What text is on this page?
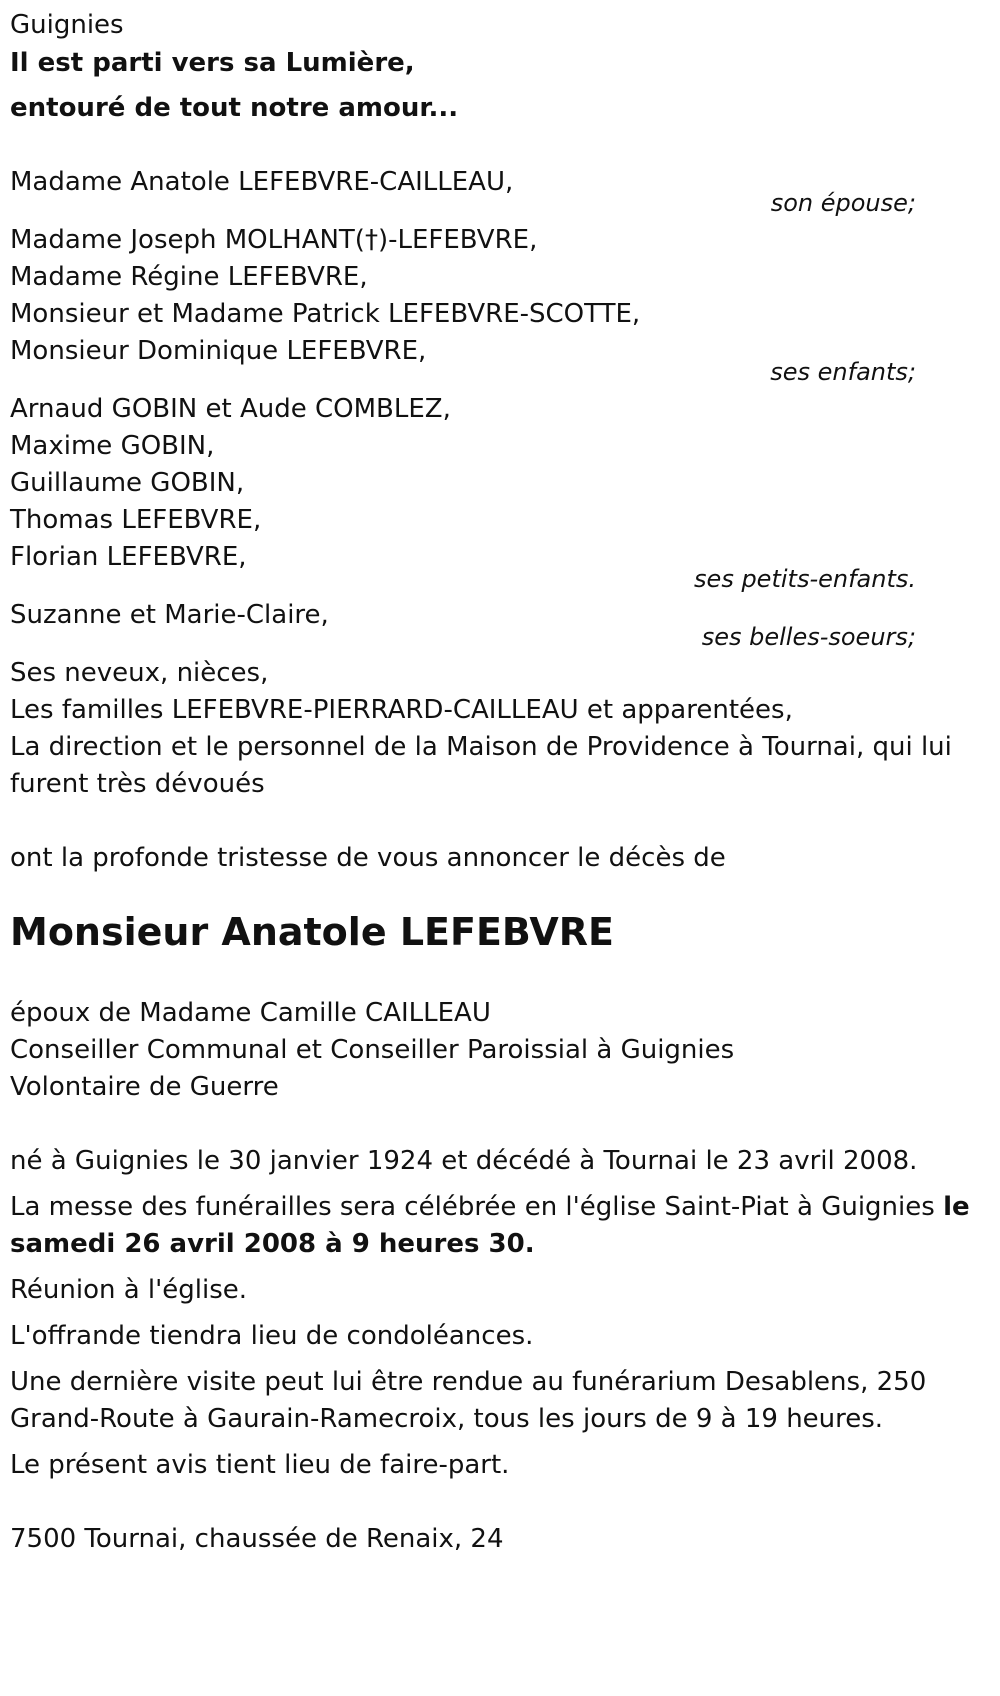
Guignies
Il est parti vers sa Lumière,
entouré de tout notre amour...
Madame Anatole LEFEBVRE-CAILLEAU,
son épouse;
Madame Joseph MOLHANT(†)-LEFEBVRE,
Madame Régine LEFEBVRE,
Monsieur et Madame Patrick LEFEBVRE-SCOTTE,
Monsieur Dominique LEFEBVRE,
ses enfants;
Arnaud GOBIN et Aude COMBLEZ,
Maxime GOBIN,
Guillaume GOBIN,
Thomas LEFEBVRE,
Florian LEFEBVRE,
ses petits-enfants.
Suzanne et Marie-Claire,
ses belles-soeurs;
Ses neveux, nièces,
Les familles LEFEBVRE-PIERRARD-CAILLEAU et apparentées,
La direction et le personnel de la Maison de Providence à Tournai, qui lui
furent très dévoués
ont la profonde tristesse de vous annoncer le décès de
Monsieur Anatole LEFEBVRE
époux de Madame Camille CAILLEAU
Conseiller Communal et Conseiller Paroissial à Guignies
Volontaire de Guerre
né à Guignies le 30 janvier 1924 et décédé à Tournai le 23 avril 2008.
La messe des funérailles sera célébrée en l'église Saint-Piat à Guignies le
samedi 26 avril 2008 à 9 heures 30.
Réunion à l'église.
L'offrande tiendra lieu de condoléances.
Une dernière visite peut lui être rendue au funérarium Desablens, 250
Grand-Route à Gaurain-Ramecroix, tous les jours de 9 à 19 heures.
Le présent avis tient lieu de faire-part.
7500 Tournai, chaussée de Renaix, 24
